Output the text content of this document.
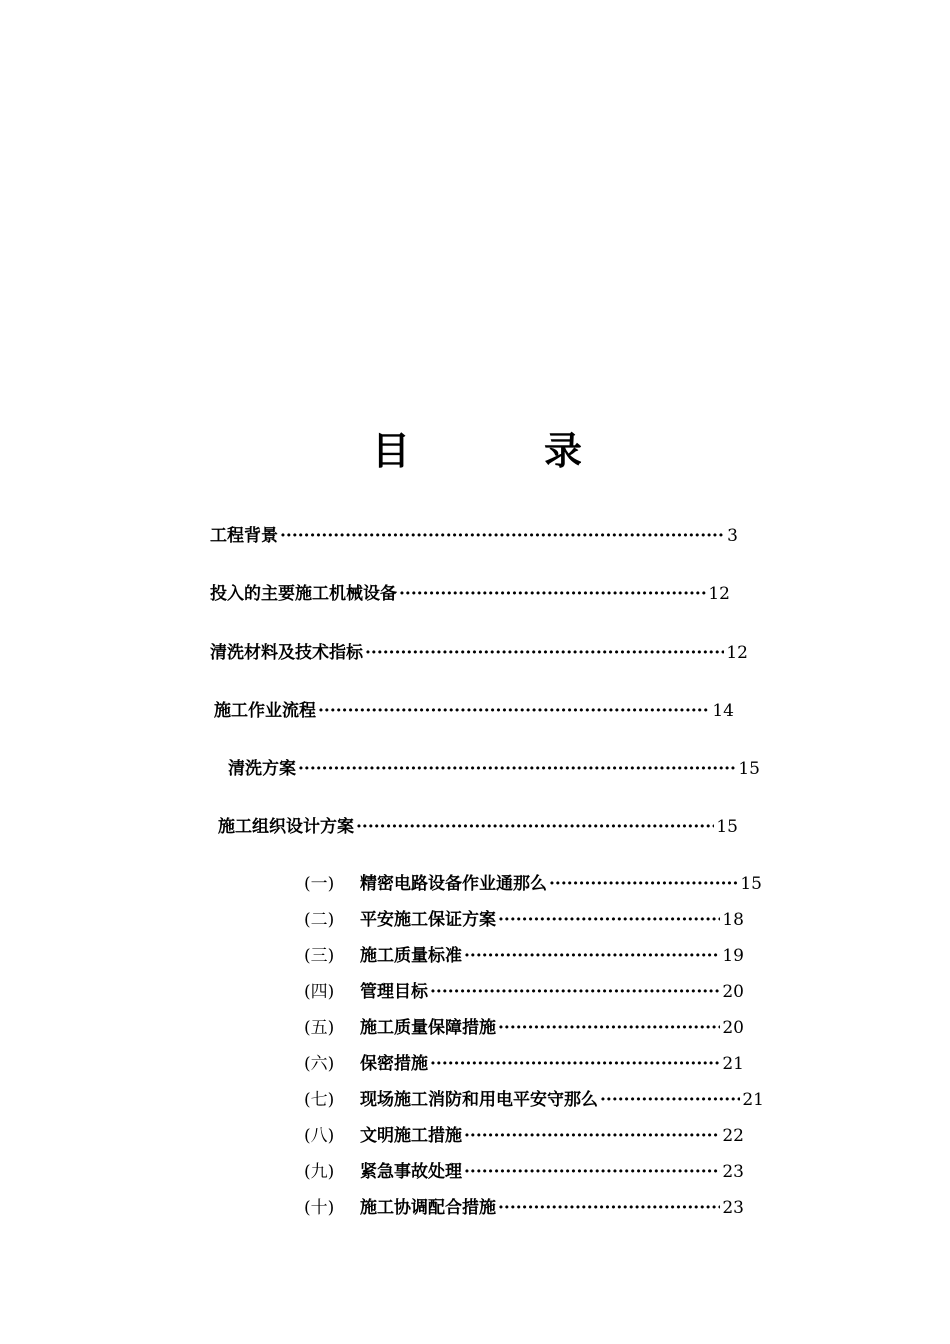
目	录
工程背景 ·····	3
投入的主要施工机械设备 ·····	12
清洗材料及技术指标 ·····	12
施工作业流程 ·····	14
清洗方案 ·····	15
施工组织设计方案 ·····	15
(一)	精密电路设备作业通那么 ·····	15
(二)	平安施工保证方案 ·····	18
(三)	施工质量标准 ·····	19
(四)	管理目标 ·····	20
(五)	施工质量保障措施 ·····	20
(六)	保密措施 ·····	21
(七)	现场施工消防和用电平安守那么 ·····	21
(八)	文明施工措施 ·····	22
(九)	紧急事故处理 ·····	23
(十)	施工协调配合措施 ·····	23
